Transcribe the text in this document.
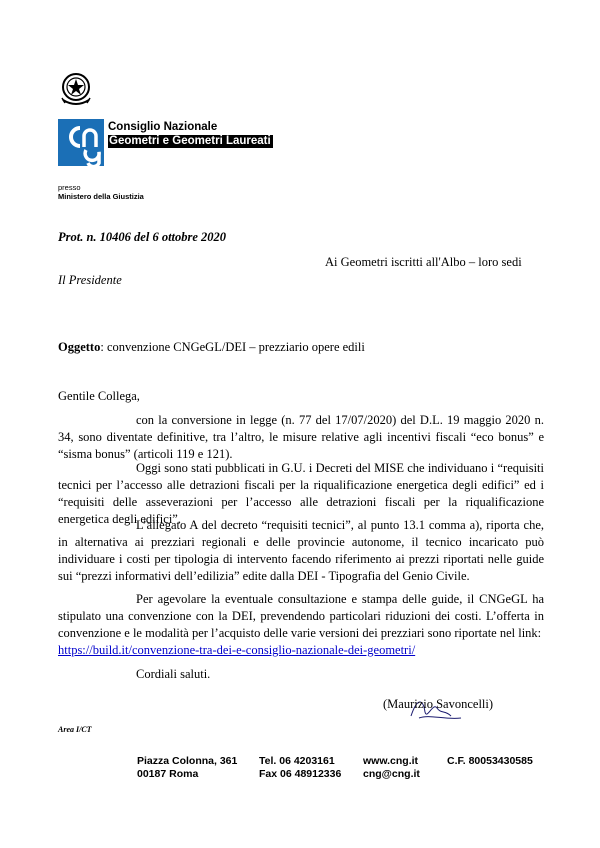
Consiglio Nazionale
Geometri e Geometri Laureati
presso
Ministero della Giustizia
Prot. n. 10406 del 6 ottobre 2020
Ai Geometri iscritti all'Albo – loro sedi
Il Presidente
Oggetto: convenzione CNGeGL/DEI – prezziario opere edili
Gentile Collega,
con la conversione in legge (n. 77 del 17/07/2020) del D.L. 19 maggio 2020 n. 34, sono diventate definitive, tra l’altro, le misure relative agli incentivi fiscali “eco bonus” e “sisma bonus” (articoli 119 e 121).
Oggi sono stati pubblicati in G.U. i Decreti del MISE che individuano i “requisiti tecnici per l’accesso alle detrazioni fiscali per la riqualificazione energetica degli edifici” ed i “requisiti delle asseverazioni per l’accesso alle detrazioni fiscali per la riqualificazione energetica degli edifici”.
L’allegato A del decreto “requisiti tecnici”, al punto 13.1 comma a), riporta che, in alternativa ai prezziari regionali e delle provincie autonome, il tecnico incaricato può individuare i costi per tipologia di intervento facendo riferimento ai prezzi riportati nelle guide sui “prezzi informativi dell’edilizia” edite dalla DEI - Tipografia del Genio Civile.
Per agevolare la eventuale consultazione e stampa delle guide, il CNGeGL ha stipulato una convenzione con la DEI, prevendendo particolari riduzioni dei costi. L’offerta in convenzione e le modalità per l’acquisto delle varie versioni dei prezziari sono riportate nel link:
https://build.it/convenzione-tra-dei-e-consiglio-nazionale-dei-geometri/
Cordiali saluti.
(Maurizio Savoncelli)
Area I/CT
Piazza Colonna, 361
00187 Roma
Tel. 06 4203161
Fax 06 48912336
www.cng.it
cng@cng.it
C.F. 80053430585
